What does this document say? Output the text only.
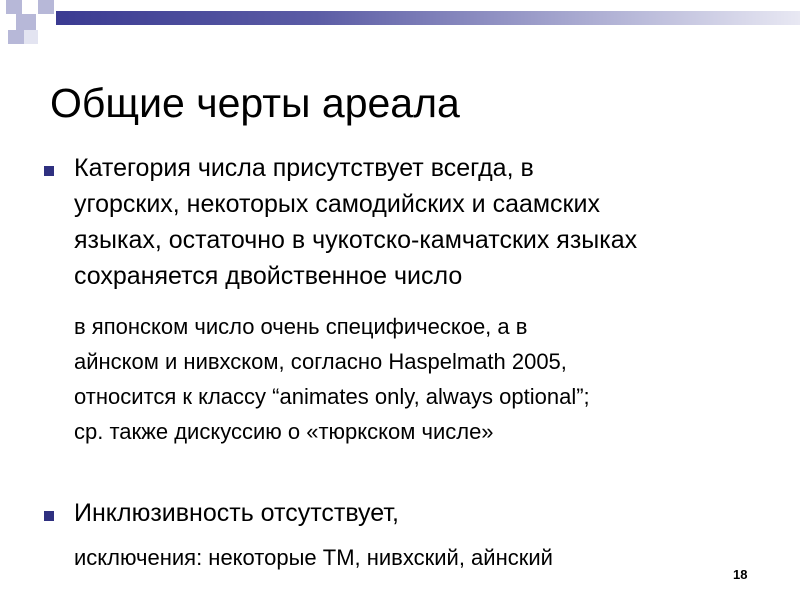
Общие черты ареала
Категория числа присутствует всегда, в
угорских, некоторых самодийских и саамских
языках, остаточно в чукотско-камчатских языках
сохраняется двойственное число
в японском число очень специфическое, а в
айнском и нивхском, согласно Haspelmath 2005,
относится к классу “animates only, always optional”;
ср. также дискуссию о «тюркском числе»
Инклюзивность отсутствует,
исключения: некоторые ТМ, нивхский, айнский
18
